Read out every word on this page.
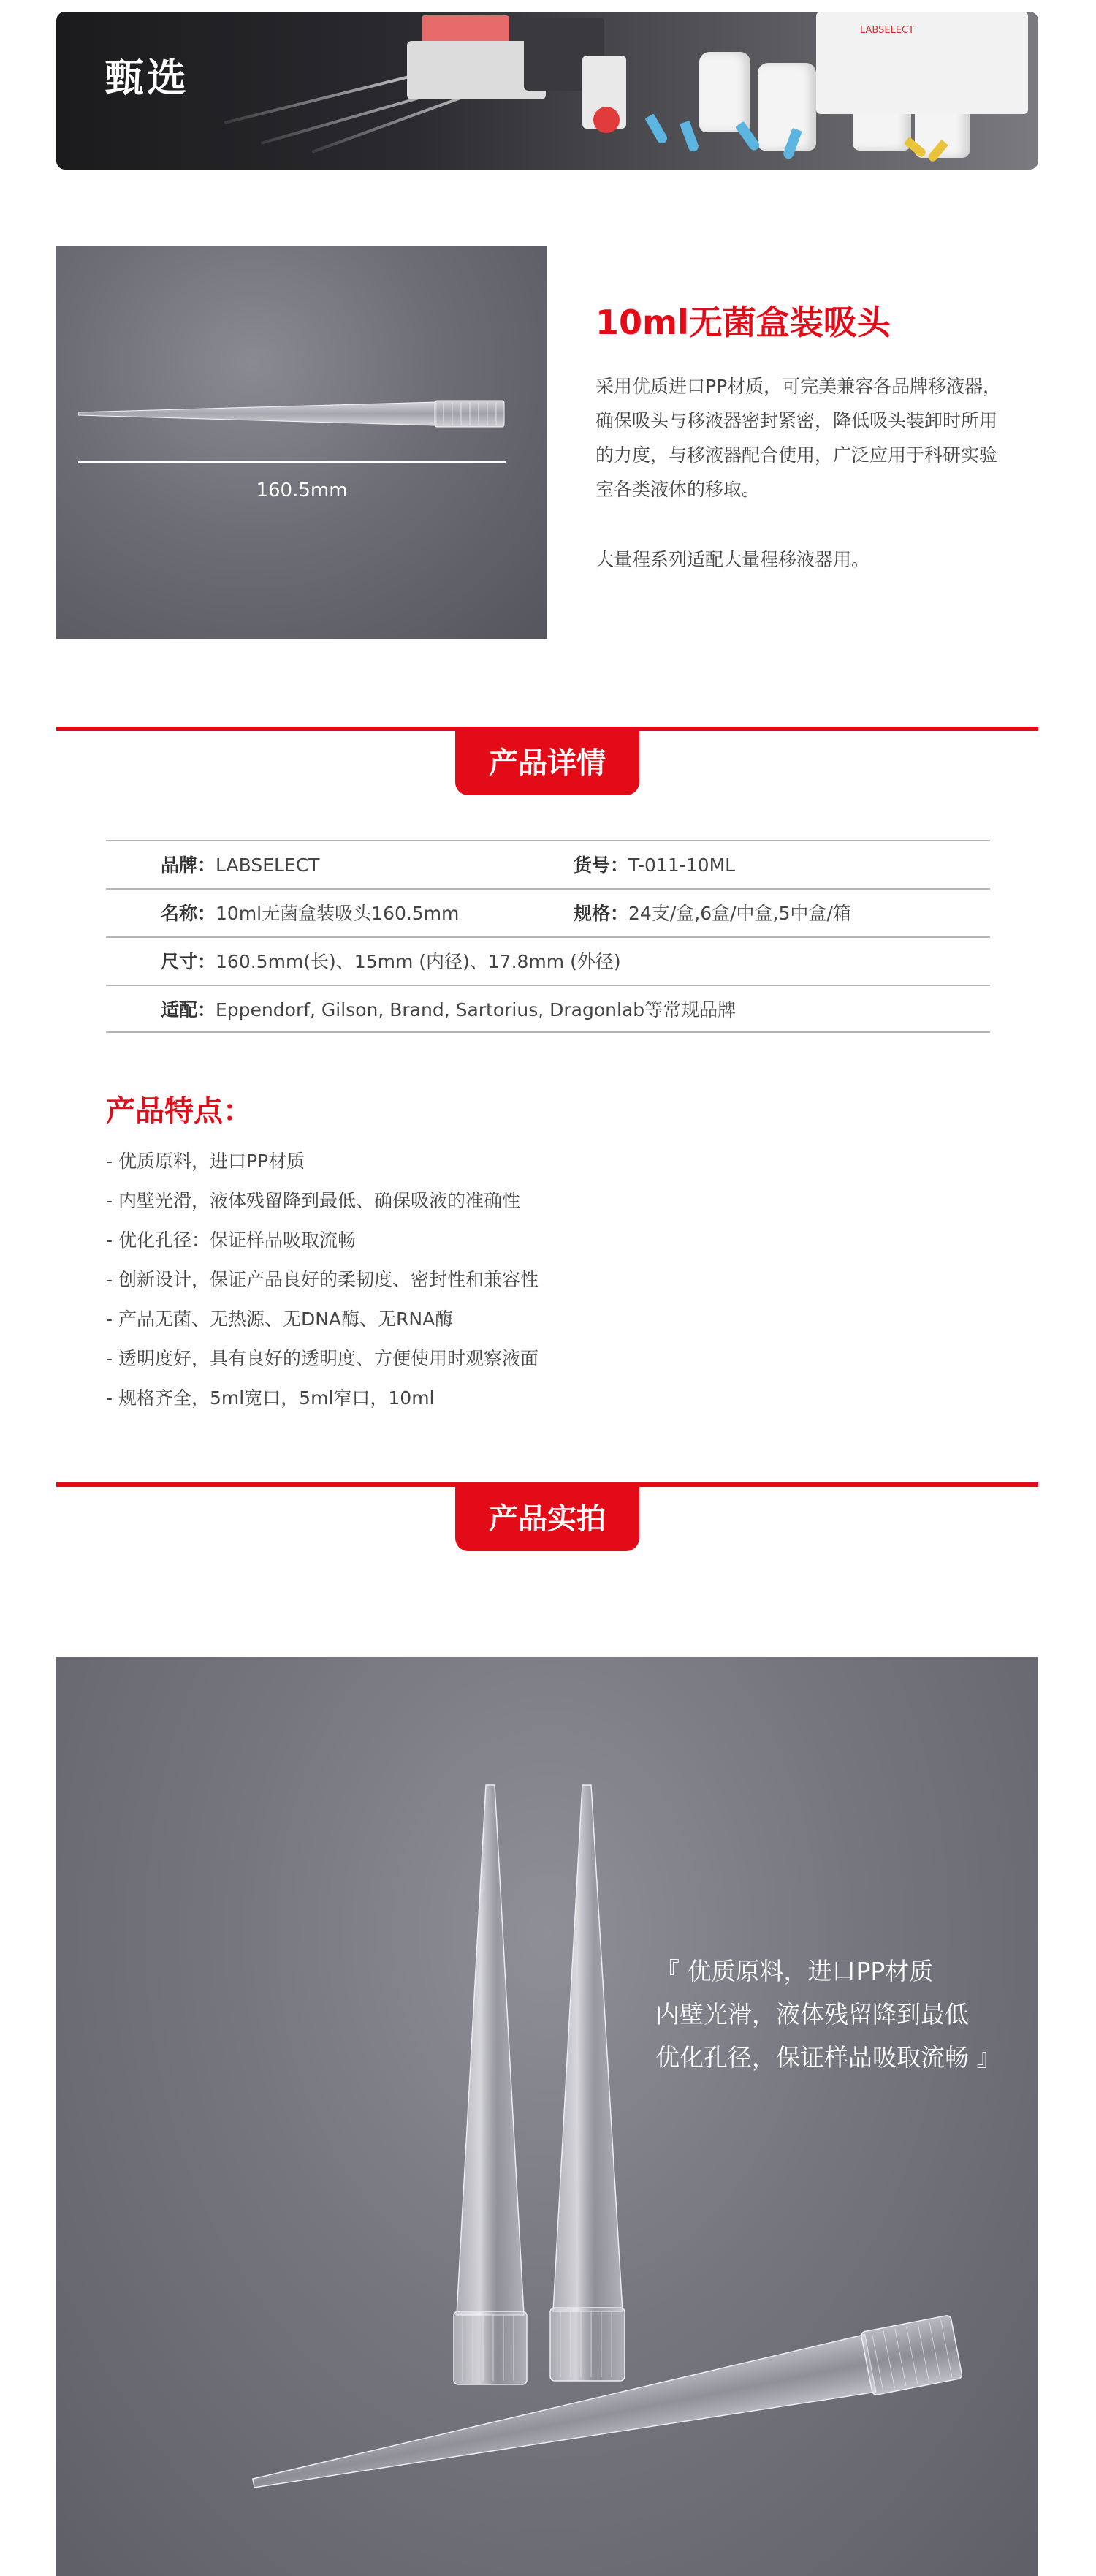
甄选
LABSELECT
160.5mm
10ml无菌盒装吸头
采用优质进口PP材质，可完美兼容各品牌移液器，确保吸头与移液器密封紧密，降低吸头装卸时所用的力度，与移液器配合使用，广泛应用于科研实验室各类液体的移取。
大量程系列适配大量程移液器用。
产品详情
品牌：LABSELECT	货号：T-011-10ML
名称：10ml无菌盒装吸头160.5mm	规格：24支/盒,6盒/中盒,5中盒/箱
尺寸：160.5mm(长)、15mm (内径)、17.8mm (外径)
适配：Eppendorf, Gilson, Brand, Sartorius, Dragonlab等常规品牌
产品特点：
- 优质原料，进口PP材质
- 内壁光滑，液体残留降到最低、确保吸液的准确性
- 优化孔径：保证样品吸取流畅
- 创新设计，保证产品良好的柔韧度、密封性和兼容性
- 产品无菌、无热源、无DNA酶、无RNA酶
- 透明度好，具有良好的透明度、方便使用时观察液面
- 规格齐全，5ml宽口，5ml窄口，10ml
产品实拍
『 优质原料，进口PP材质
内壁光滑，液体残留降到最低
优化孔径，保证样品吸取流畅 』
